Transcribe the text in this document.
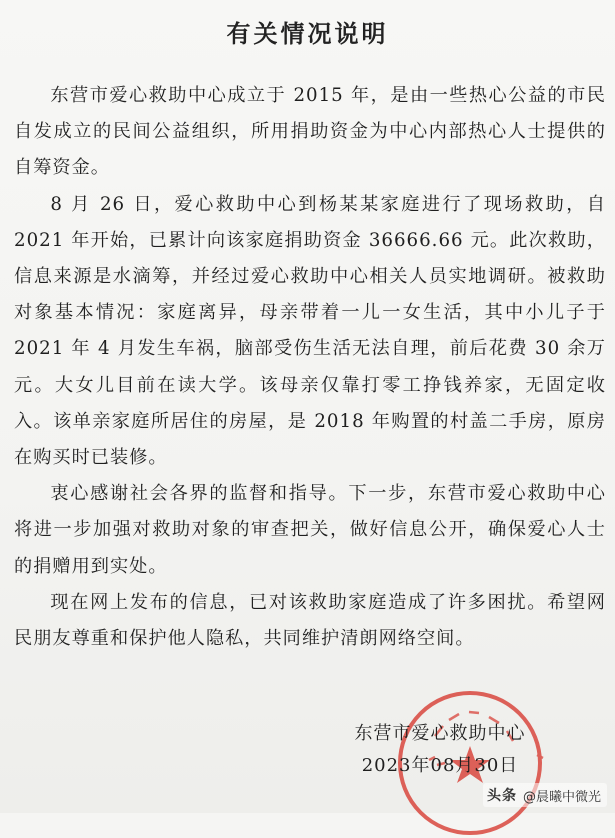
有关情况说明

东营市爱心救助中心成立于 2015 年，是由一些热心公益的市民自发成立的民间公益组织，所用捐助资金为中心内部热心人士提供的自筹资金。

8 月 26 日，爱心救助中心到杨某某家庭进行了现场救助，自 2021 年开始，已累计向该家庭捐助资金 36666.66 元。此次救助，信息来源是水滴筹，并经过爱心救助中心相关人员实地调研。被救助对象基本情况：家庭离异，母亲带着一儿一女生活，其中小儿子于 2021 年 4 月发生车祸，脑部受伤生活无法自理，前后花费 30 余万元。大女儿目前在读大学。该母亲仅靠打零工挣钱养家，无固定收入。该单亲家庭所居住的房屋，是 2018 年购置的村盖二手房，原房在购买时已装修。

衷心感谢社会各界的监督和指导。下一步，东营市爱心救助中心将进一步加强对救助对象的审查把关，做好信息公开，确保爱心人士的捐赠用到实处。

现在网上发布的信息，已对该救助家庭造成了许多困扰。希望网民朋友尊重和保护他人隐私，共同维护清朗网络空间。

东营市爱心救助中心
2023年08月30日
头条 @晨曦中微光
